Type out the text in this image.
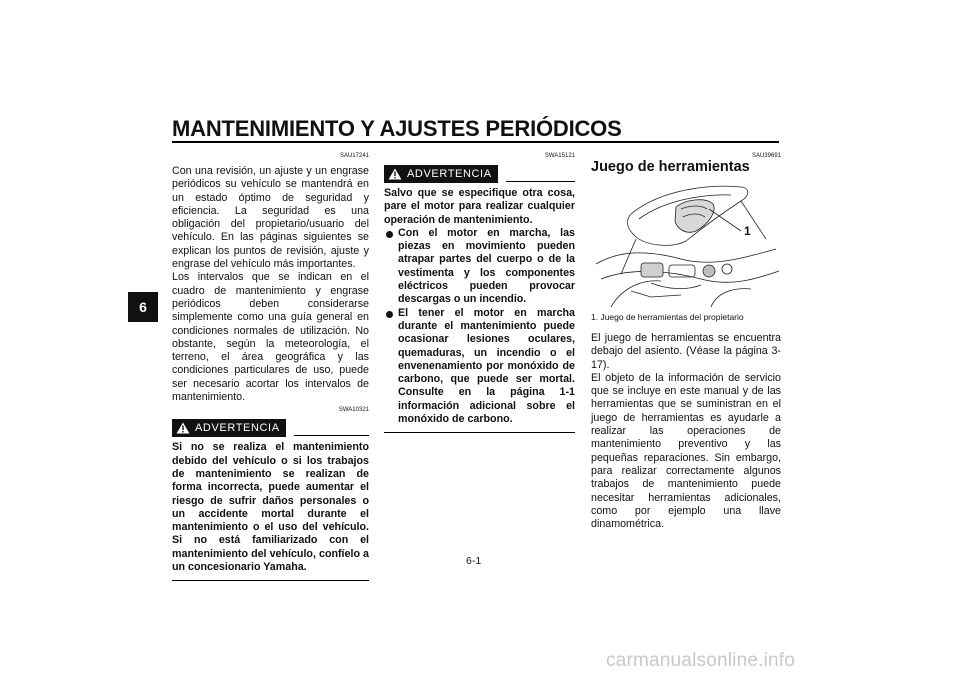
MANTENIMIENTO Y AJUSTES PERIÓDICOS
6
SAU17241

Con una revisión, un ajuste y un engrase periódicos su vehículo se mantendrá en un estado óptimo de seguridad y eficiencia. La seguridad es una obligación del propietario/usuario del vehículo. En las páginas siguientes se explican los puntos de revisión, ajuste y engrase del vehículo más importantes.

Los intervalos que se indican en el cuadro de mantenimiento y engrase periódicos deben considerarse simplemente como una guía general en condiciones normales de utilización. No obstante, según la meteorología, el terreno, el área geográfica y las condiciones particulares de uso, puede ser necesario acortar los intervalos de mantenimiento.

SWA10321
ADVERTENCIA

Si no se realiza el mantenimiento debido del vehículo o si los trabajos de mantenimiento se realizan de forma incorrecta, puede aumentar el riesgo de sufrir daños personales o un accidente mortal durante el mantenimiento o el uso del vehículo. Si no está familiarizado con el mantenimiento del vehículo, confíelo a un concesionario Yamaha.

SWA15121
ADVERTENCIA

Salvo que se especifique otra cosa, pare el motor para realizar cualquier operación de mantenimiento.

Con el motor en marcha, las piezas en movimiento pueden atrapar partes del cuerpo o de la vestimenta y los componentes eléctricos pueden provocar descargas o un incendio.
El tener el motor en marcha durante el mantenimiento puede ocasionar lesiones oculares, quemaduras, un incendio o el envenenamiento por monóxido de carbono, que puede ser mortal. Consulte en la página 1-1 información adicional sobre el monóxido de carbono.
SAU39691
Juego de herramientas
1
1. Juego de herramientas del propietario

El juego de herramientas se encuentra debajo del asiento. (Véase la página 3-17).

El objeto de la información de servicio que se incluye en este manual y de las herramientas que se suministran en el juego de herramientas es ayudarle a realizar las operaciones de mantenimiento preventivo y las pequeñas reparaciones. Sin embargo, para realizar correctamente algunos trabajos de mantenimiento puede necesitar herramientas adicionales, como por ejemplo una llave dinamométrica.

6-1
carmanualsonline.info
